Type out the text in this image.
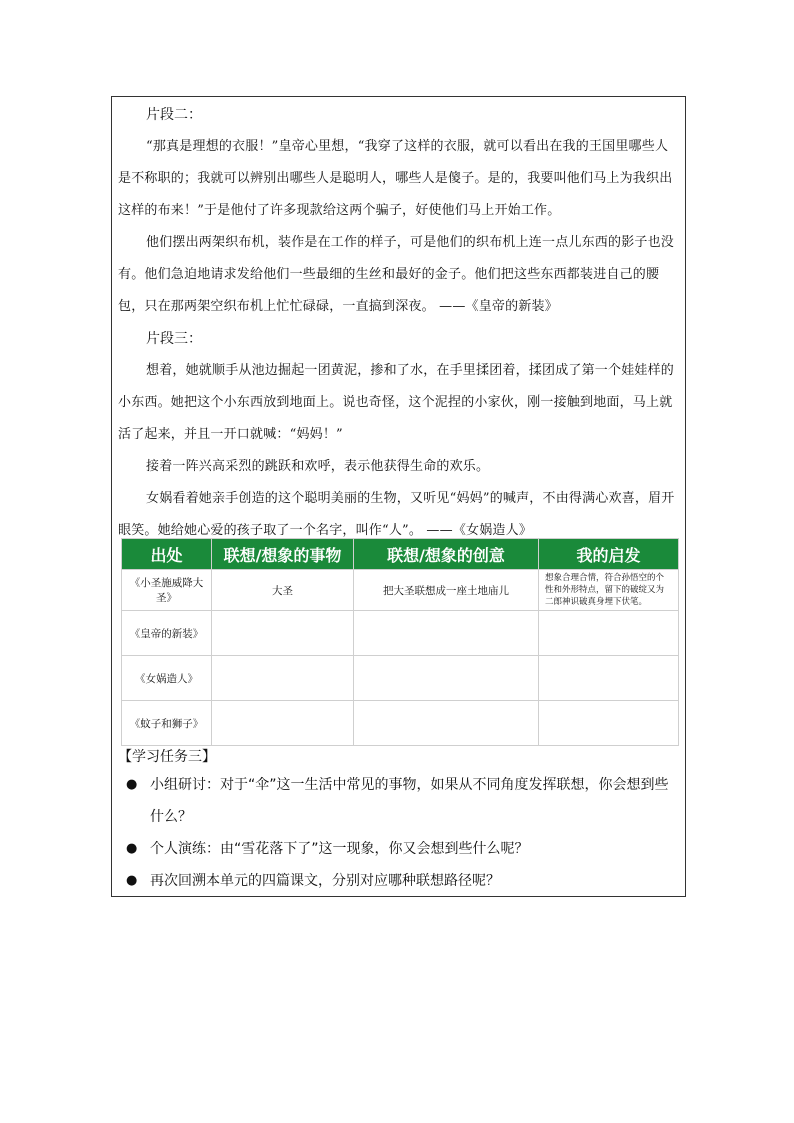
片段二：

“那真是理想的衣服！”皇帝心里想，“我穿了这样的衣服，就可以看出在我的王国里哪些人是不称职的；我就可以辨别出哪些人是聪明人，哪些人是傻子。是的，我要叫他们马上为我织出这样的布来！”于是他付了许多现款给这两个骗子，好使他们马上开始工作。

他们摆出两架织布机，装作是在工作的样子，可是他们的织布机上连一点儿东西的影子也没有。他们急迫地请求发给他们一些最细的生丝和最好的金子。他们把这些东西都装进自己的腰包，只在那两架空织布机上忙忙碌碌，一直搞到深夜。 ——《皇帝的新装》

片段三：

想着，她就顺手从池边掘起一团黄泥，掺和了水，在手里揉团着，揉团成了第一个娃娃样的小东西。她把这个小东西放到地面上。说也奇怪，这个泥捏的小家伙，刚一接触到地面，马上就活了起来，并且一开口就喊：“妈妈！”

接着一阵兴高采烈的跳跃和欢呼，表示他获得生命的欢乐。

女娲看着她亲手创造的这个聪明美丽的生物，又听见“妈妈”的喊声，不由得满心欢喜，眉开眼笑。她给她心爱的孩子取了一个名字，叫作“人”。 ——《女娲造人》

出处	联想/想象的事物	联想/想象的创意	我的启发
《小圣施威降大圣》	大圣	把大圣联想成一座土地庙儿	想象合理合情，符合孙悟空的个性和外形特点，留下的破绽又为二郎神识破真身埋下伏笔。
《皇帝的新装》			
《女娲造人》			
《蚊子和狮子》			

【学习任务三】

● 小组研讨：对于“伞”这一生活中常见的事物，如果从不同角度发挥联想，你会想到些什么？

● 个人演练：由“雪花落下了”这一现象，你又会想到些什么呢？

● 再次回溯本单元的四篇课文，分别对应哪种联想路径呢？
